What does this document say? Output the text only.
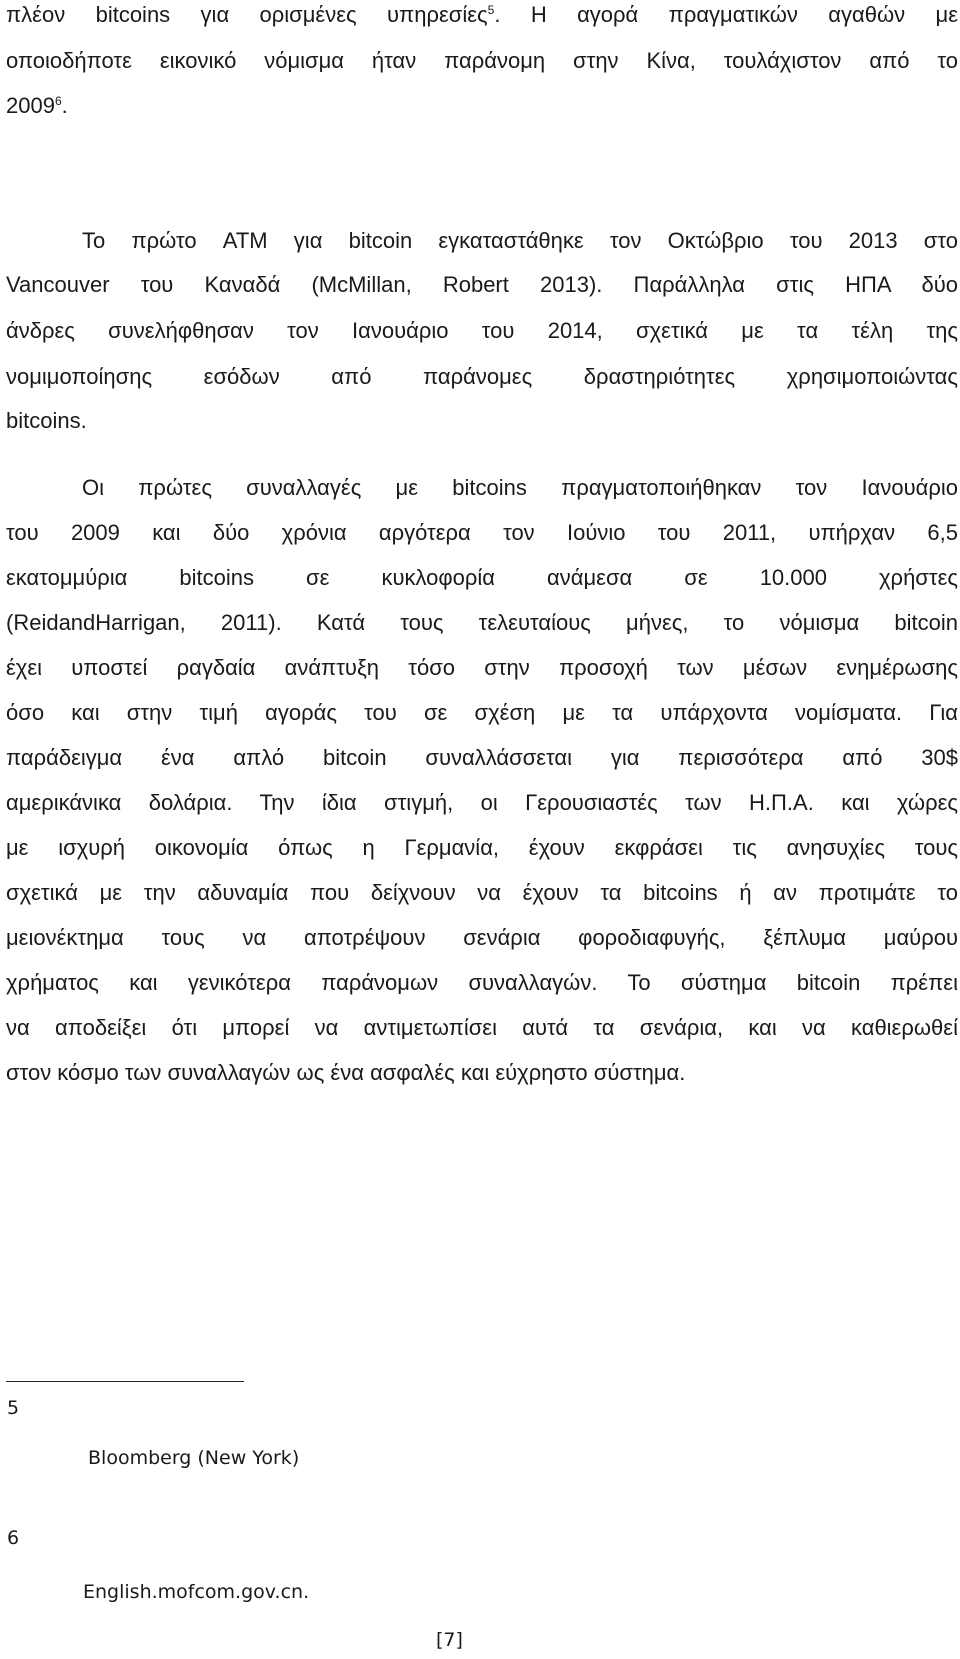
πλέον bitcoins για ορισμένες υπηρεσίες$^5$. Η αγορά πραγματικών αγαθών με
οποιοδήποτε εικονικό νόμισμα ήταν παράνομη στην Κίνα, τουλάχιστον από το
2009$^6$.
Το πρώτο ATM για bitcoin εγκαταστάθηκε τον Οκτώβριο του 2013 στο
Vancouver του Καναδά (McMillan, Robert 2013). Παράλληλα στις ΗΠΑ δύο
άνδρες συνελήφθησαν τον Ιανουάριο του 2014, σχετικά με τα τέλη της
νομιμοποίησης εσόδων από παράνομες δραστηριότητες χρησιμοποιώντας
bitcoins.
Οι πρώτες συναλλαγές με bitcoins πραγματοποιήθηκαν τον Ιανουάριο
του 2009 και δύο χρόνια αργότερα τον Ιούνιο του 2011, υπήρχαν 6,5
εκατομμύρια bitcoins σε κυκλοφορία ανάμεσα σε 10.000 χρήστες
(ReidandHarrigan, 2011). Κατά τους τελευταίους μήνες, το νόμισμα bitcoin
έχει υποστεί ραγδαία ανάπτυξη τόσο στην προσοχή των μέσων ενημέρωσης
όσο και στην τιμή αγοράς του σε σχέση με τα υπάρχοντα νομίσματα. Για
παράδειγμα ένα απλό bitcoin συναλλάσσεται για περισσότερα από 30$
αμερικάνικα δολάρια. Την ίδια στιγμή, οι Γερουσιαστές των Η.Π.Α. και χώρες
με ισχυρή οικονομία όπως η Γερμανία, έχουν εκφράσει τις ανησυχίες τους
σχετικά με την αδυναμία που δείχνουν να έχουν τα bitcoins ή αν προτιμάτε το
μειονέκτημα τους να αποτρέψουν σενάρια φοροδιαφυγής, ξέπλυμα μαύρου
χρήματος και γενικότερα παράνομων συναλλαγών. Το σύστημα bitcoin πρέπει
να αποδείξει ότι μπορεί να αντιμετωπίσει αυτά τα σενάρια, και να καθιερωθεί
στον κόσμο των συναλλαγών ως ένα ασφαλές και εύχρηστο σύστημα.
5
Bloomberg (New York)
6
English.mofcom.gov.cn.
[7]
